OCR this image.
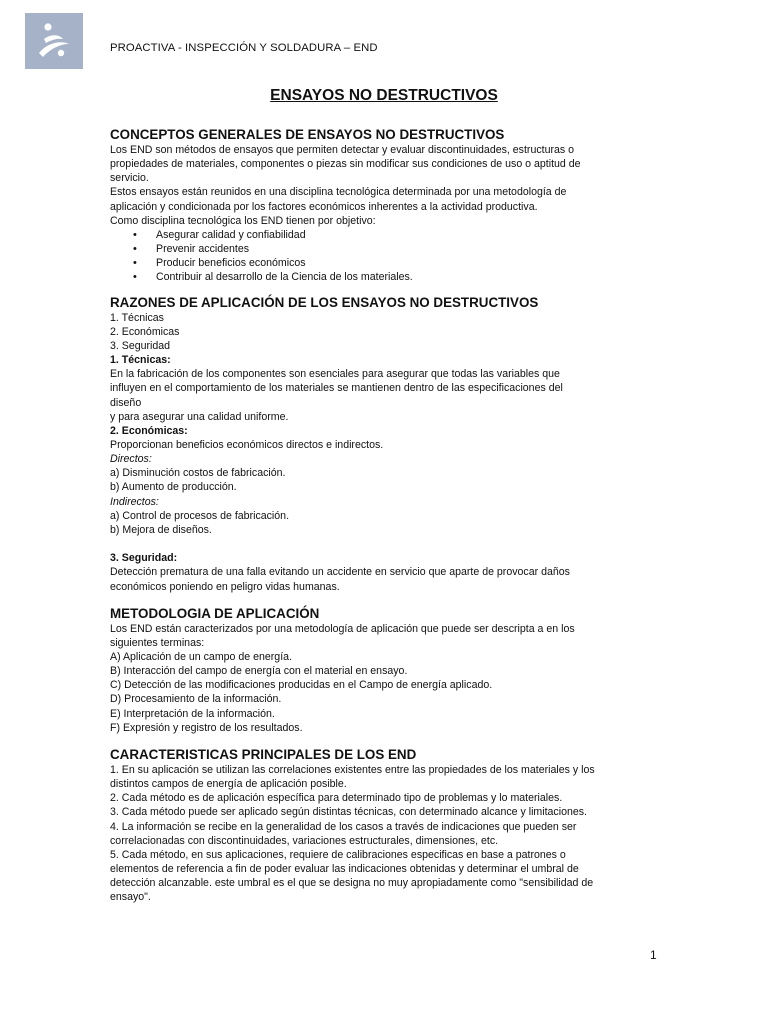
PROACTIVA - INSPECCIÓN Y SOLDADURA – END
ENSAYOS NO DESTRUCTIVOS
CONCEPTOS GENERALES DE ENSAYOS NO DESTRUCTIVOS
Los END son métodos de ensayos que permiten detectar y evaluar discontinuidades, estructuras o
propiedades de materiales, componentes o piezas sin modificar sus condiciones de uso o aptitud de
servicio.
Estos ensayos están reunidos en una disciplina tecnológica determinada por una metodología de
aplicación y condicionada por los factores económicos inherentes a la actividad productiva.
Como disciplina tecnológica los END tienen por objetivo:
• Asegurar calidad y confiabilidad
• Prevenir accidentes
• Producir beneficios económicos
• Contribuir al desarrollo de la Ciencia de los materiales.
RAZONES DE APLICACIÓN DE LOS ENSAYOS NO DESTRUCTIVOS
1. Técnicas
2. Económicas
3. Seguridad
1. Técnicas:
En la fabricación de los componentes son esenciales para asegurar que todas las variables que
influyen en el comportamiento de los materiales se mantienen dentro de las especificaciones del
diseño
y para asegurar una calidad uniforme.
2. Económicas:
Proporcionan beneficios económicos directos e indirectos.
Directos:
a) Disminución costos de fabricación.
b) Aumento de producción.
Indirectos:
a) Control de procesos de fabricación.
b) Mejora de diseños.
3. Seguridad:
Detección prematura de una falla evitando un accidente en servicio que aparte de provocar daños
económicos poniendo en peligro vidas humanas.
METODOLOGIA DE APLICACIÓN
Los END están caracterizados por una metodología de aplicación que puede ser descripta a en los
siguientes terminas:
A) Aplicación de un campo de energía.
B) Interacción del campo de energía con el material en ensayo.
C) Detección de las modificaciones producidas en el Campo de energía aplicado.
D) Procesamiento de la información.
E) Interpretación de la información.
F) Expresión y registro de los resultados.
CARACTERISTICAS PRINCIPALES DE LOS END
1. En su aplicación se utilizan las correlaciones existentes entre las propiedades de los materiales y los
distintos campos de energía de aplicación posible.
2. Cada método es de aplicación específica para determinado tipo de problemas y lo materiales.
3. Cada método puede ser aplicado según distintas técnicas, con determinado alcance y limitaciones.
4. La información se recibe en la generalidad de los casos a través de indicaciones que pueden ser
correlacionadas con discontinuidades, variaciones estructurales, dimensiones, etc.
5. Cada método, en sus aplicaciones, requiere de calibraciones especificas en base a patrones o
elementos de referencia a fin de poder evaluar las indicaciones obtenidas y determinar el umbral de
detección alcanzable. este umbral es el que se designa no muy apropiadamente como "sensibilidad de
ensayo".
1
